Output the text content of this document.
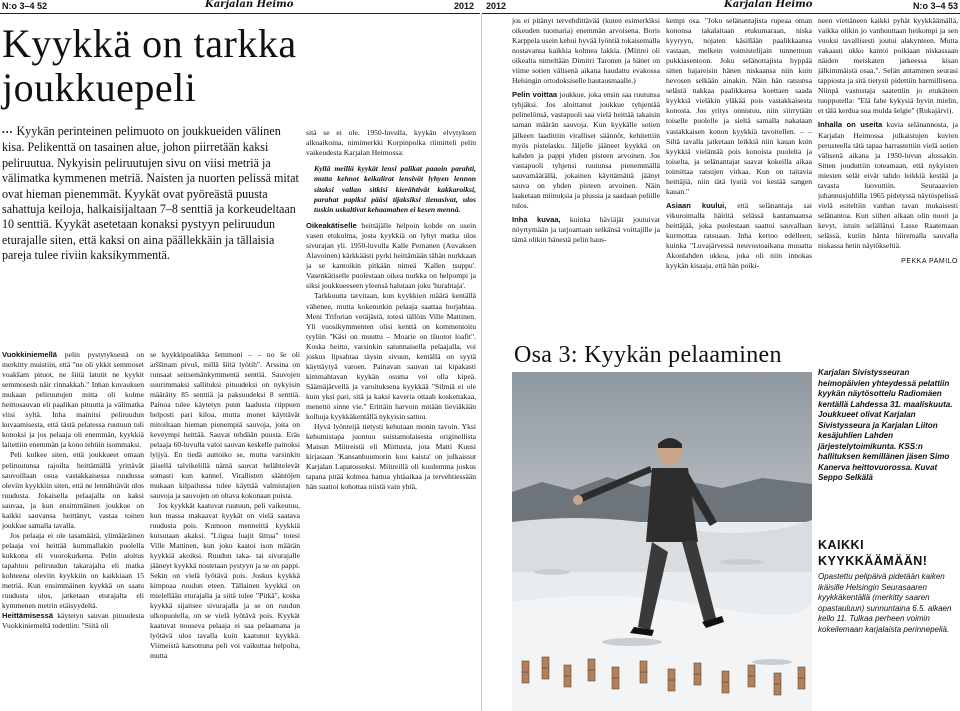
N:o 3–4 52	Karjalan Heimo	2012 2012	Karjalan Heimo	N:o 3–4 53
Kyykkä on tarkka joukkuepeli
••• Kyykän perinteinen pelimuoto on joukkueiden välinen kisa. Pelikenttä on tasainen alue, johon piirretään kaksi peliruutua. Nykyisin peliruutujen sivu on viisi metriä ja välimatka kymmenen metriä. Naisten ja nuorten pelissä mitat ovat hieman pienemmät. Kyykät ovat pyöreästä puusta sahattuja keiloja, halkaisijaltaan 7–8 senttiä ja korkeudeltaan 10 senttiä. Kyykät asetetaan konaksi pystyyn peliruudun eturajalle siten, että kaksi on aina päällekkäin ja tällaisia pareja tulee riviin kaksikymmentä.

Vuokkiniemellä pelin pystytyksestä on merkitty muistiin, että "ne oli ykkit semmoset voakšam pituot, ne šiitä latutit ne kyykit semmosesh näir rinnakkah." Inhan kuvauksen mukaan peliruutujen mitta oli kolme heittosauvan eli paalikan pituutta ja välimatka viisi syltä. Inha mainitsi peliruudun kuvaamisesta, että tästä pelatessa ruutuun tuli konoksi ja jos pelaaja oli enemmän, kyykkiä laitettiin enemmän ja kono tehtiin isommaksi.

Peli kulkee siten, että joukkueet omaan peliruutunsa rajoilta heittämällä yrittävät sauvoillaan osua vastakkaisessa ruudussa oleviin kyykkiin siten, että ne lennähtävät ulos ruudusta. Jokaisella pelaajalla on kaksi sauvaa, ja kun ensimmäinen joukkue on kaikki sauvansa heittänyt, vastaa toinen joukkue samalla tavalla.

Jos pelaaja ei ole tasamäärä, ylimääräinen pelaaja voi heittää kummallakin puolella kukkona eli vuorokurkena. Pelin aloitus tapahtuu peliruudun takarajalta eli matka kohteena oleviin kyykkiin on kaikkiaan 15 metriä. Kun ensimmäinen kyykkä on saatu ruudusta ulos, jatketaan eturajalta eli kymmenen metrin etäisyydeltä.

Heittämisessä käytetyn sauvan pituudesta Vuokkiniemeltä todettiin: "Siitä oli

se kyykkipoalikka šemmoni – – no še oli arššinam pivuš, millä šiitä lyötih". Arssina on runsaat seitsemänkymmentä senttiä. Sauvojen suurimmaksi sallituksi pituudeksi on nykyisin määrätty 85 senttiä ja paksuudeksi 8 senttiä. Painoa tulee käytetyn puun laadusta riippuen helposti pari kiloa, mutta monet käyttävät mitoiltaan hieman pienempiä sauvoja, joita on keveympi heittää. Sauvat tehdään puusta. Eräs pelaaja 60-luvulla valoi sauvan keskelle painoksi lyijyä. En tiedä auttoiko se, mutta varsinkin jäisellä talvikelillä nämä sauvat helähtelevät somasti kun kannel. Virallisten sääntöjen mukaan kilpailussa tulee käyttää valmistajien sauvoja ja sauvojen on oltava kokonaan puista.

Jos kyykkät kaatuvat ruutuun, peli vaikeutuu, kun massa makaavat kyykät on vielä saatava ruudusta pois. Kumoon menneittä kyykkiä kutsutaan akaksi. "Liigua luajit šittua" totesi Ville Mattinen, kun joku kaatoi ison määrän kyykkiä akoiksi. Ruudun taka- tai sivurajalle jääneyt kyykkä nostetaan pystyyn ja se on pappi. Sekin on vielä lyötävä pois. Joskus kyykkä kimpoaa ruudun eteen. Tällainen kyykkä on mielellään eturajalla ja siitä tulee "Pitkä", koska kyykkä sijaitsee sivurajalla ja se on ruudun ulkopuolella, on se vielä lyötävä pois. Kyykät kaatuvat nouseva pelaaja ei saa pelaamana ja lyötävä ulos tavalla kuin kaatunut kyykkä. Viimeistä katsottuna peli voi vaikuttaa helpolta, mutta

sitä se ei ole. 1950-luvulla, kyykän elvytyksen alkuaikoina, nimimerkki Korpinpoika riimitteli pelin vaikeudesta Karjalan Heimossa:

Kyllä meillä kyykät lensi palikat paaoin parahti, mutta kehnot keikalirat lensivät lyhyen lennon sitaksi vallan sitkisi kierähtivät kakkaroiksi, parahat papiksi pääsi tijaksiksi tienasivat, ulos tuskin uskaltivat kehaamahen ei kesen mennä.

Oikeakätiselle heittäjälle helpoin kohde on usein vasen etukulma, josta kyykkiä on lyhyt matka ulos sivurajan yli. 1950-luvulla Kalle Pernanen (Auvaksen Alavoinen) kärkkäästi pyrki heittämään tähän nurkkaan ja se kantoikin pitkään nimeä 'Kallen tsuppu'. Vasenkätiselle puolestaan oikea nurkka on helpompi ja siksi joukkueeseen yleensä halutaan joku 'hurahtaja'.

Tarkkuutta tarvitaan, kun kyykkien määrä kentällä vähenee, mutta kokenutkin pelaaja saattaa horjahtaa. Meni Triforian veräjästä, totesi tällöin Ville Mattinen. Yli vuosikymmenten olisi kenttä on kommentoitu tyyliin "Käsi on muuttu – Moarie on tšuotot loafit". Koska heitto, varsinkin satunnaisella pelaajalla, voi joskus lipsahtaa täysin sivuun, kentällä on syytä käyttäytyä varoen. Painavan sauvan tai kipakasti kimmahtavan kyykän osuma voi olla kipeä. Säämäjärvellä ja varoituksena kyykkää "Silmiä ei ole kuin yksi pari, sitä ja kaksi kaveria ottaah koskettakaa, menettö sinne vie." Erittäin harvoin mitään lieviäkään kolhuja kyykkäkentällä nykyisin sattuu.

Hyvä lyönteijä tietysti kehutaan monin tavoin. Yksi kehumistapa juontuu suistamolaisesta originellista Maisun Miitreistä eli Miittusta, jota Matti Kuusi kirjasaan 'Kansanhuumorin kuu kaista' on julkaissut Karjalan Lapatossuksi. Miitreillä oli kuulemma joskus tapana pitää kolmea hattua yhtäaikaa ja tervehtiessään hän saattoi kohottaa niistä vain yhtä,

jos ei pitänyt tervehdittävää (kuten esimerkiksi oikeuden tuomaria) enemmän arvoisena. Boris Karppela usein kehui hyvää lyöntiä tokaisemalla nostavansa kaikkia kolmea lakkia. (Miitrei oli oikealta nimeltään Dimitri Taronen ja hänet on viime sotien välisenä aikana haudattu evakossa Helsingin ortodoksiselle hautausmaalle.)

Pelin voittaa joukkue, joka ensin saa ruutunsa tyhjäksi. Jos aloittanut joukkue tyhjentää pelinelönsä, vastapuoli saa vielä heittää takaisin saman määrän sauvoja. Kun kyykälle sotien jälkeen laadittiin viralliset säännöt, kehitettiin myös pistelasku. Jäljelle jääneet kyykkä on kahden ja pappi yhden pisteen arvoinen. Jos vastapuoli tyhjensi ruutunsa pienemmällä sauvamäärällä, jokainen käyttämättä jäänyt sauva on yhden pisteen arvoinen. Näin laaketaan miinuksia ja plussia ja saadaan peliille tulos.

Inha kuvaa, kuinka häviäjät joutuivat nöyrtymään ja tarjoamaan selkänsä voittajille ja tämä olikin hänestä pelin haus-

kempi osa. "Joku selänantajista rupeaa oman kononsa takalaitaan etukumaraan, niska kyyryyn, nojaten käsillään paalikkaansa vastaan, melkein voimistelijain tunnettuun pukkiasentoon. Joku selänottajista hyppää sitten hajareisin hänen niskaansa niin kuin hevosen selkään ainakin. Näin hän ratsunsa selästä nakkaa paalikkansa koettaen saada kyykkiä vieläkin yläkää pois vastakkaisesta konosta. Jos yritys onnistuu, niin siirrytään toiselle puolelle ja sieltä samalla nakataan vastakkaisen konon kyykkiä tavoitellen. – – Siltä tavalla jatketaan leikkiä niin kauan kuin kyykkiä vieläntää pois konoista puolelta ja toiselta, ja selänantajat saavat kokeilla aikaa toimittaa ratsujen virkaa. Kun on taitavia heittäjiä, niin tätä lystiä voi kestää sangen kauan."

Asiaan kuului, että selänantaja sai vikuroimalla häiritä selässä kantamaansa heittäjää, joka puolestaan saattoi sauvallaan kurmottaa ratsuaan. Inha kertoo edelleen, kuinka "Luvajärvessä neuvostoaikana muuatta Akonlahden ukkoa, joka oli niin innokas kyykän kisaaja, että hän poiki-

neen viettäneen kaikki pyhät kyykkäämällä, vaikka olikin jo vanhuuttaan heikompi ja sen vuoksi tavallisesti joutui alakynteen. Mutta vakaasti ukko kantoi poikiaan niskassaan näiden meiskaten jatkeessa kisan jälkimmäistä osaa.". Selän antaminen seurasi tappiosta ja sitä tietysti pidettiin harmillisena. Niinpä vastustaja saatettiin jo etukäteen tuupputella: "Elä fahe kykysiä hyvin mielin, et tälä kerdua sua mulda šelgie" (Rukajärvi).

Inhalla on useita kuvia selänannosta, ja Karjalan Heimossa julkaistujen kuvien perusteella tätä tapaa harrastettiin vielä sotien välisenä aikana ja 1950-luvun alussakin. Sitten jouduttiin toteamaan, että nykyisten miesten selät eivät tahdo leikkiä kestää ja tavasta luovuttiin. Seuraaavien juhannusjuhlilla 1965 pidetyssä näytöspelissä vielä esiteltiin vanhan tavan mukaisesti selänantoa. Kun siihen aikaan olin nuori ja kevyt, istuin selällänsi Lasse Raatemaan selässä, kuriin hänta hiiremalla sauvalla niskassa hetin näytökseltiä.

PEKKA PAMILO

Osa 3: Kyykän pelaaminen
Karjalan Sivistysseuran heimopäivien yhteydessä pelattiin kyykän näytösottelu Radiomäen kentällä Lahdessa 31. maaliskuuta. Joukkueet olivat Karjalan Sivistysseura ja Karjalan Liiton kesäjuhlien Lahden järjestelytoimikunta. KSS:n hallituksen kemillänen jäsen Simo Kanerva heittovuorossa. Kuvat Seppo Selkälä
KAIKKI KYYKKÄÄMÄÄN!
Opastettu pelipäivä pidetään kaiken ikäisille Helsingin Seurasaaren kyykkäkentällä (merkitty saaren opastauluun) sunnuntaina 6.5. alkaen kello 11. Tulkaa perheen voimin kokeilemaan karjalaista perinnepeliä.
